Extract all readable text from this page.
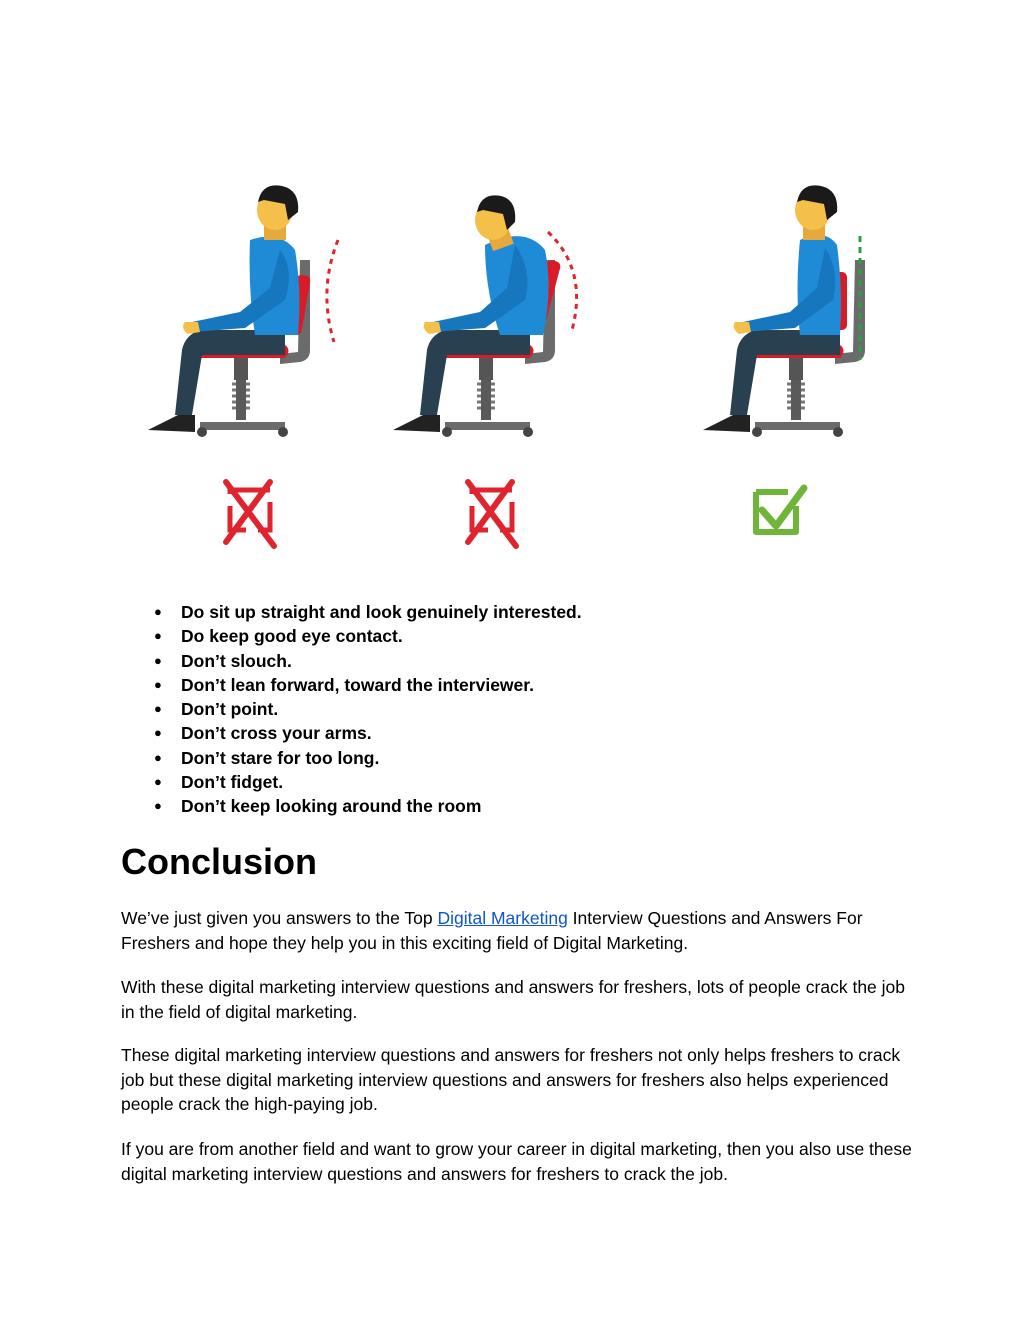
● Do sit up straight and look genuinely interested.
● Do keep good eye contact.
● Don’t slouch.
● Don’t lean forward, toward the interviewer.
● Don’t point.
● Don’t cross your arms.
● Don’t stare for too long.
● Don’t fidget.
● Don’t keep looking around the room
Conclusion

We’ve just given you answers to the Top Digital Marketing Interview Questions and Answers For Freshers and hope they help you in this exciting field of Digital Marketing.

With these digital marketing interview questions and answers for freshers, lots of people crack the job in the field of digital marketing.

These digital marketing interview questions and answers for freshers not only helps freshers to crack job but these digital marketing interview questions and answers for freshers also helps experienced people crack the high-paying job.

If you are from another field and want to grow your career in digital marketing, then you also use these digital marketing interview questions and answers for freshers to crack the job.
